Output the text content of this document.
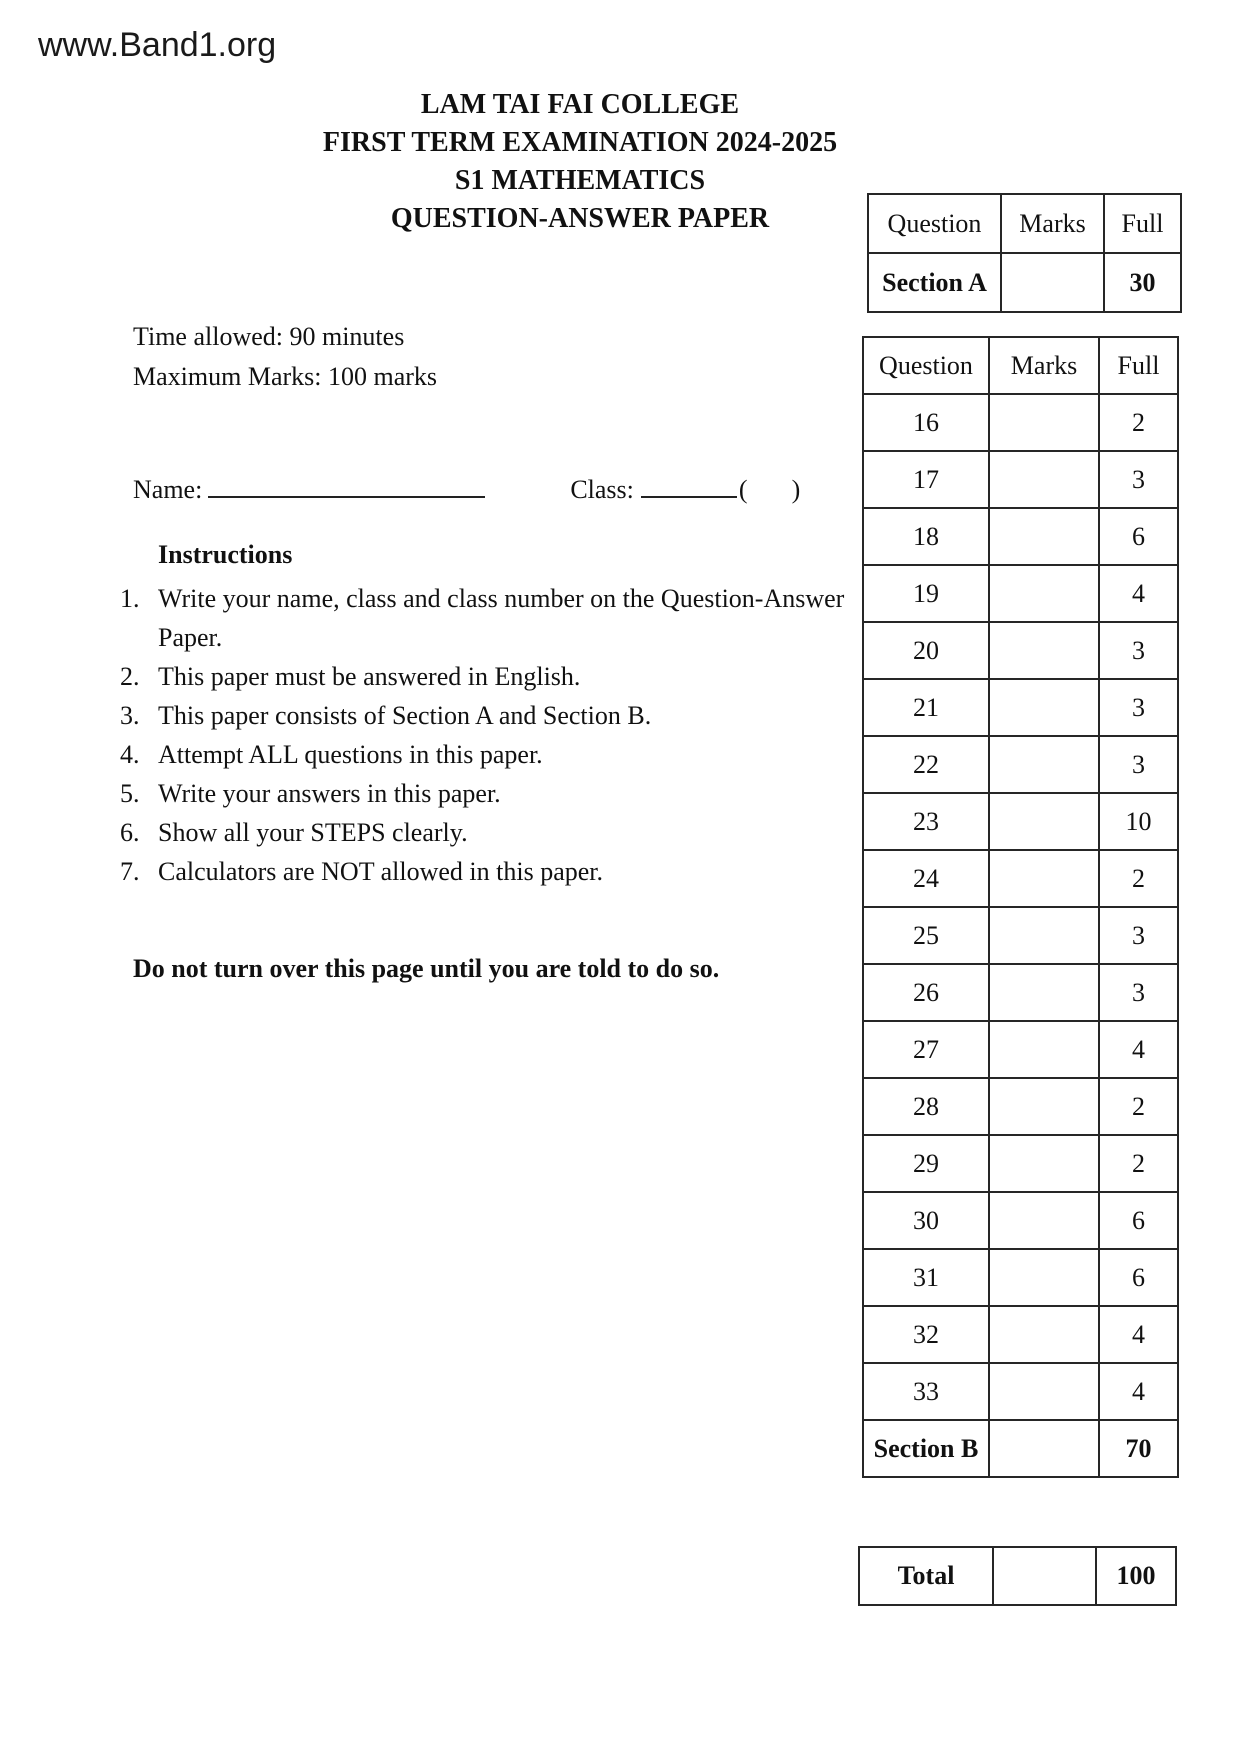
www.Band1.org
LAM TAI FAI COLLEGE
FIRST TERM EXAMINATION 2024-2025
S1 MATHEMATICS
QUESTION-ANSWER PAPER
Time allowed: 90 minutes
Maximum Marks: 100 marks
Name:	Class:	( )
Instructions
1. Write your name, class and class number on the Question-Answer Paper.
2. This paper must be answered in English.
3. This paper consists of Section A and Section B.
4. Attempt ALL questions in this paper.
5. Write your answers in this paper.
6. Show all your STEPS clearly.
7. Calculators are NOT allowed in this paper.
Do not turn over this page until you are told to do so.
Question	Marks	Full
Section A		30
Question	Marks	Full
16		2
17		3
18		6
19		4
20		3
21		3
22		3
23		10
24		2
25		3
26		3
27		4
28		2
29		2
30		6
31		6
32		4
33		4
Section B		70
Total		100
